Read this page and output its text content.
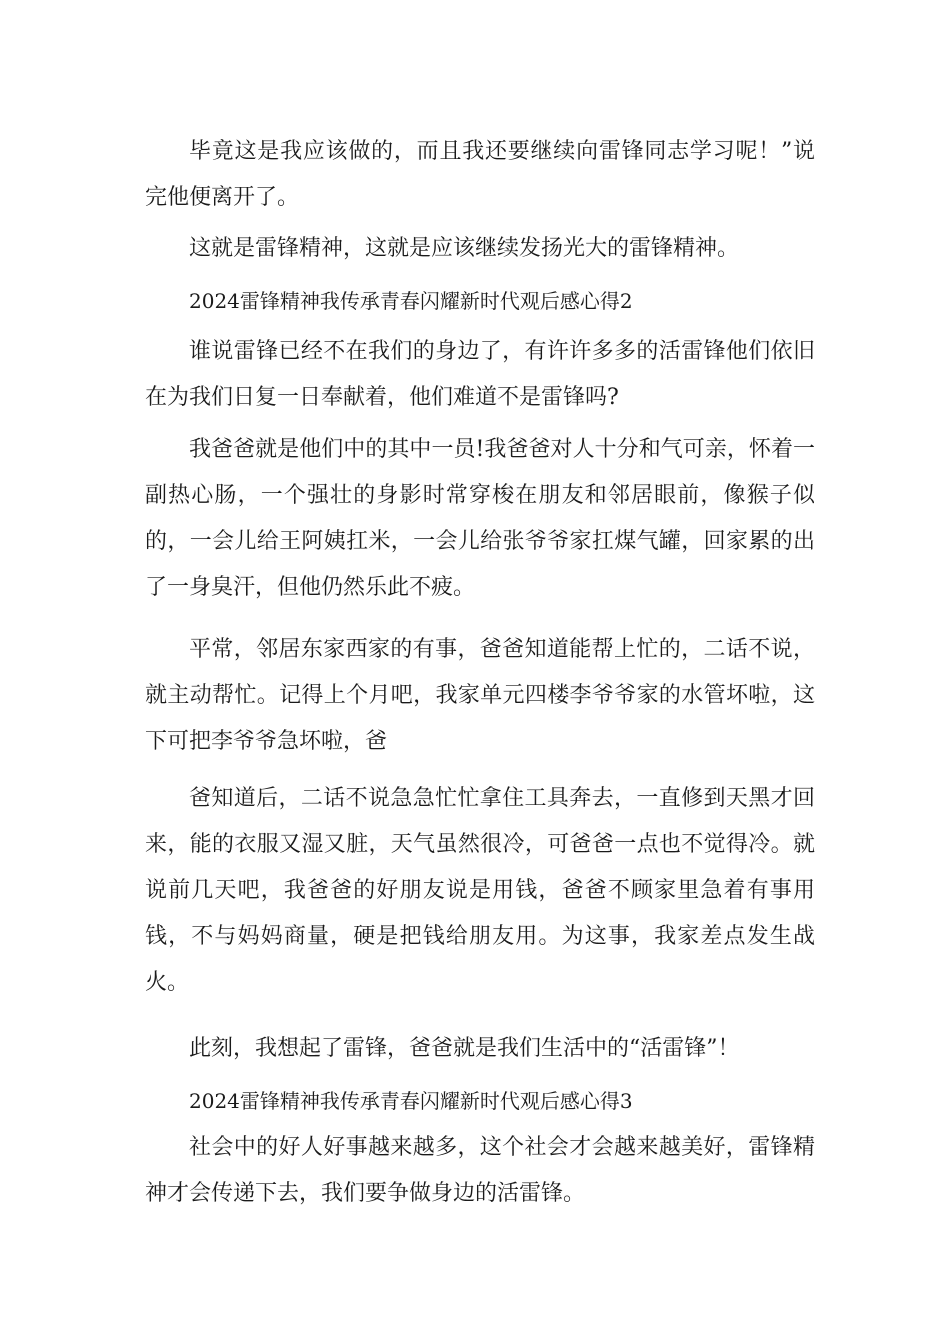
毕竟这是我应该做的，而且我还要继续向雷锋同志学习呢！”说完他便离开了。

这就是雷锋精神，这就是应该继续发扬光大的雷锋精神。

2024雷锋精神我传承青春闪耀新时代观后感心得2

谁说雷锋已经不在我们的身边了，有许许多多的活雷锋他们依旧在为我们日复一日奉献着，他们难道不是雷锋吗?

我爸爸就是他们中的其中一员!我爸爸对人十分和气可亲，怀着一副热心肠，一个强壮的身影时常穿梭在朋友和邻居眼前，像猴子似的，一会儿给王阿姨扛米，一会儿给张爷爷家扛煤气罐，回家累的出了一身臭汗，但他仍然乐此不疲。

平常，邻居东家西家的有事，爸爸知道能帮上忙的，二话不说，就主动帮忙。记得上个月吧，我家单元四楼李爷爷家的水管坏啦，这下可把李爷爷急坏啦，爸

爸知道后，二话不说急急忙忙拿住工具奔去，一直修到天黑才回来，能的衣服又湿又脏，天气虽然很冷，可爸爸一点也不觉得冷。就说前几天吧，我爸爸的好朋友说是用钱，爸爸不顾家里急着有事用钱，不与妈妈商量，硬是把钱给朋友用。为这事，我家差点发生战火。

此刻，我想起了雷锋，爸爸就是我们生活中的“活雷锋”！

2024雷锋精神我传承青春闪耀新时代观后感心得3

社会中的好人好事越来越多，这个社会才会越来越美好，雷锋精神才会传递下去，我们要争做身边的活雷锋。
